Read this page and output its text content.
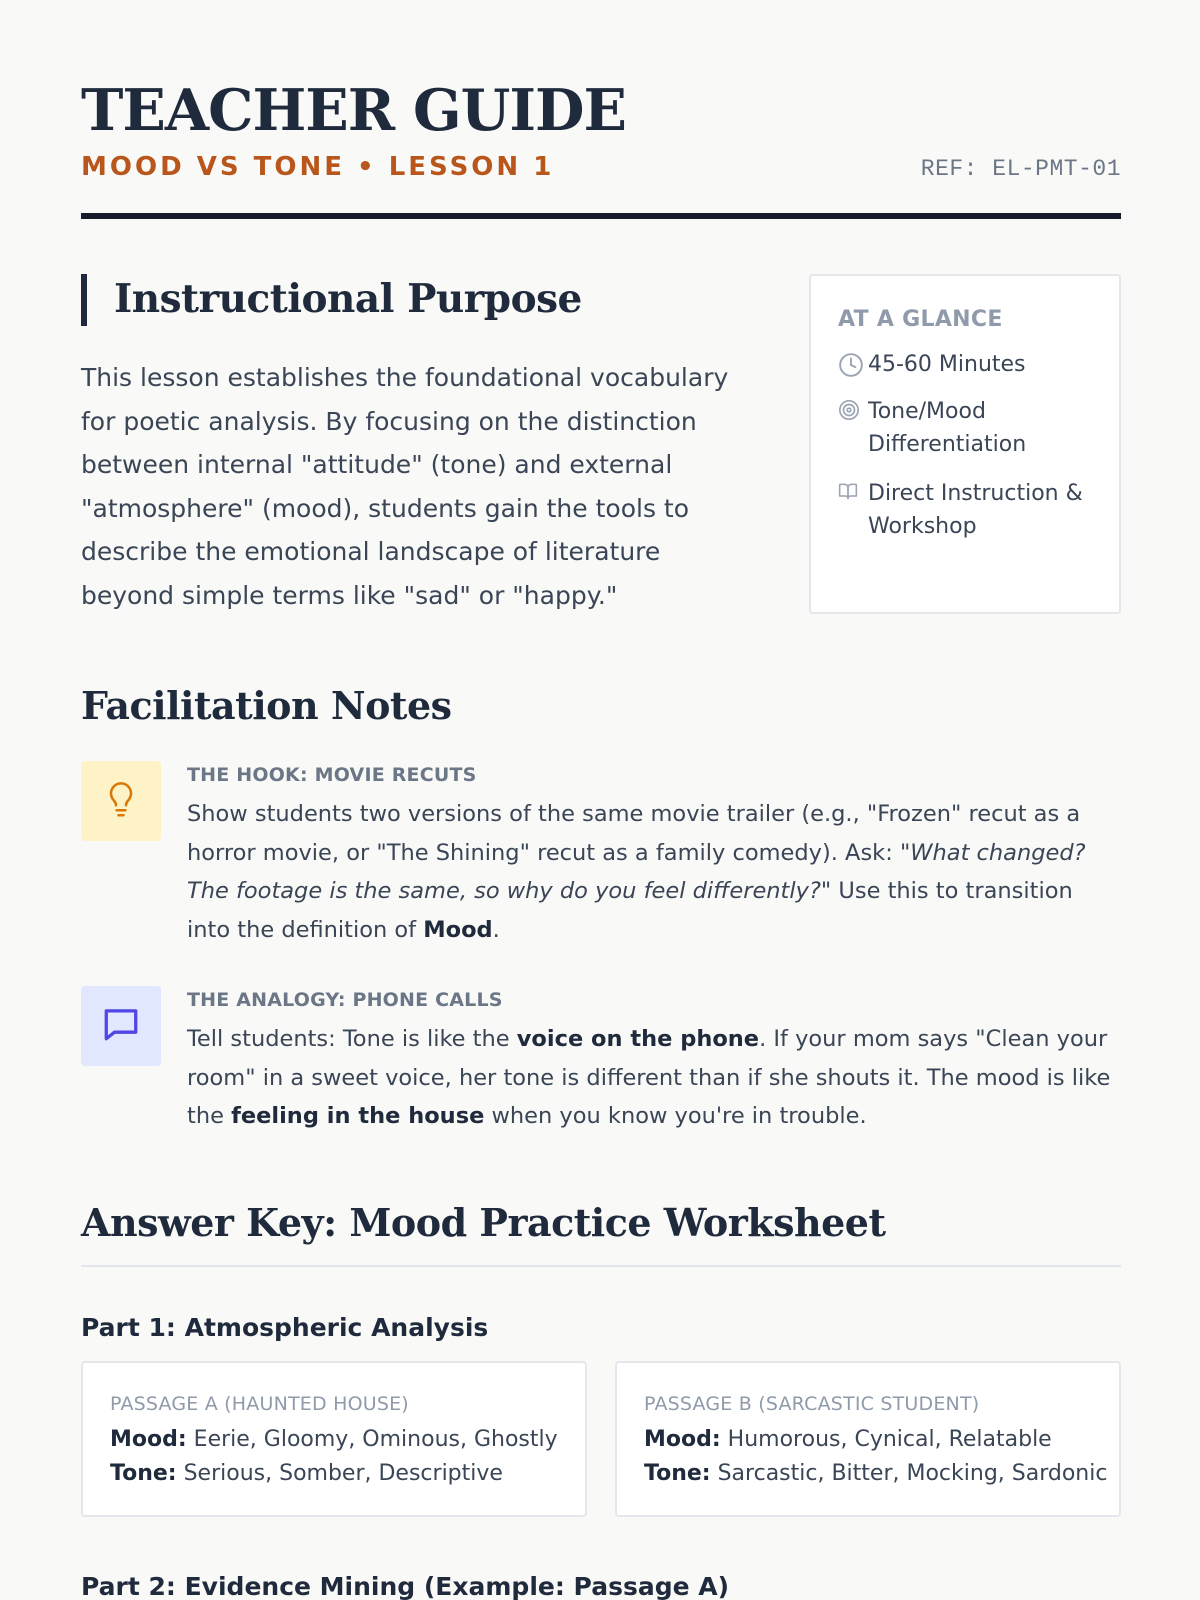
TEACHER GUIDE
MOOD VS TONE • LESSON 1	REF: EL-PMT-01
Instructional Purpose

This lesson establishes the foundational vocabulary for poetic analysis. By focusing on the distinction between internal "attitude" (tone) and external "atmosphere" (mood), students gain the tools to describe the emotional landscape of literature beyond simple terms like "sad" or "happy."

AT A GLANCE
45-60 Minutes
Tone/Mood Differentiation
Direct Instruction & Workshop
Facilitation Notes
THE HOOK: MOVIE RECUTS

Show students two versions of the same movie trailer (e.g., "Frozen" recut as a horror movie, or "The Shining" recut as a family comedy). Ask: "What changed? The footage is the same, so why do you feel differently?" Use this to transition into the definition of Mood.

THE ANALOGY: PHONE CALLS

Tell students: Tone is like the voice on the phone. If your mom says "Clean your room" in a sweet voice, her tone is different than if she shouts it. The mood is like the feeling in the house when you know you're in trouble.

Answer Key: Mood Practice Worksheet
Part 1: Atmospheric Analysis
PASSAGE A (HAUNTED HOUSE)
Mood: Eerie, Gloomy, Ominous, Ghostly
Tone: Serious, Somber, Descriptive
PASSAGE B (SARCASTIC STUDENT)
Mood: Humorous, Cynical, Relatable
Tone: Sarcastic, Bitter, Mocking, Sardonic
Part 2: Evidence Mining (Example: Passage A)
